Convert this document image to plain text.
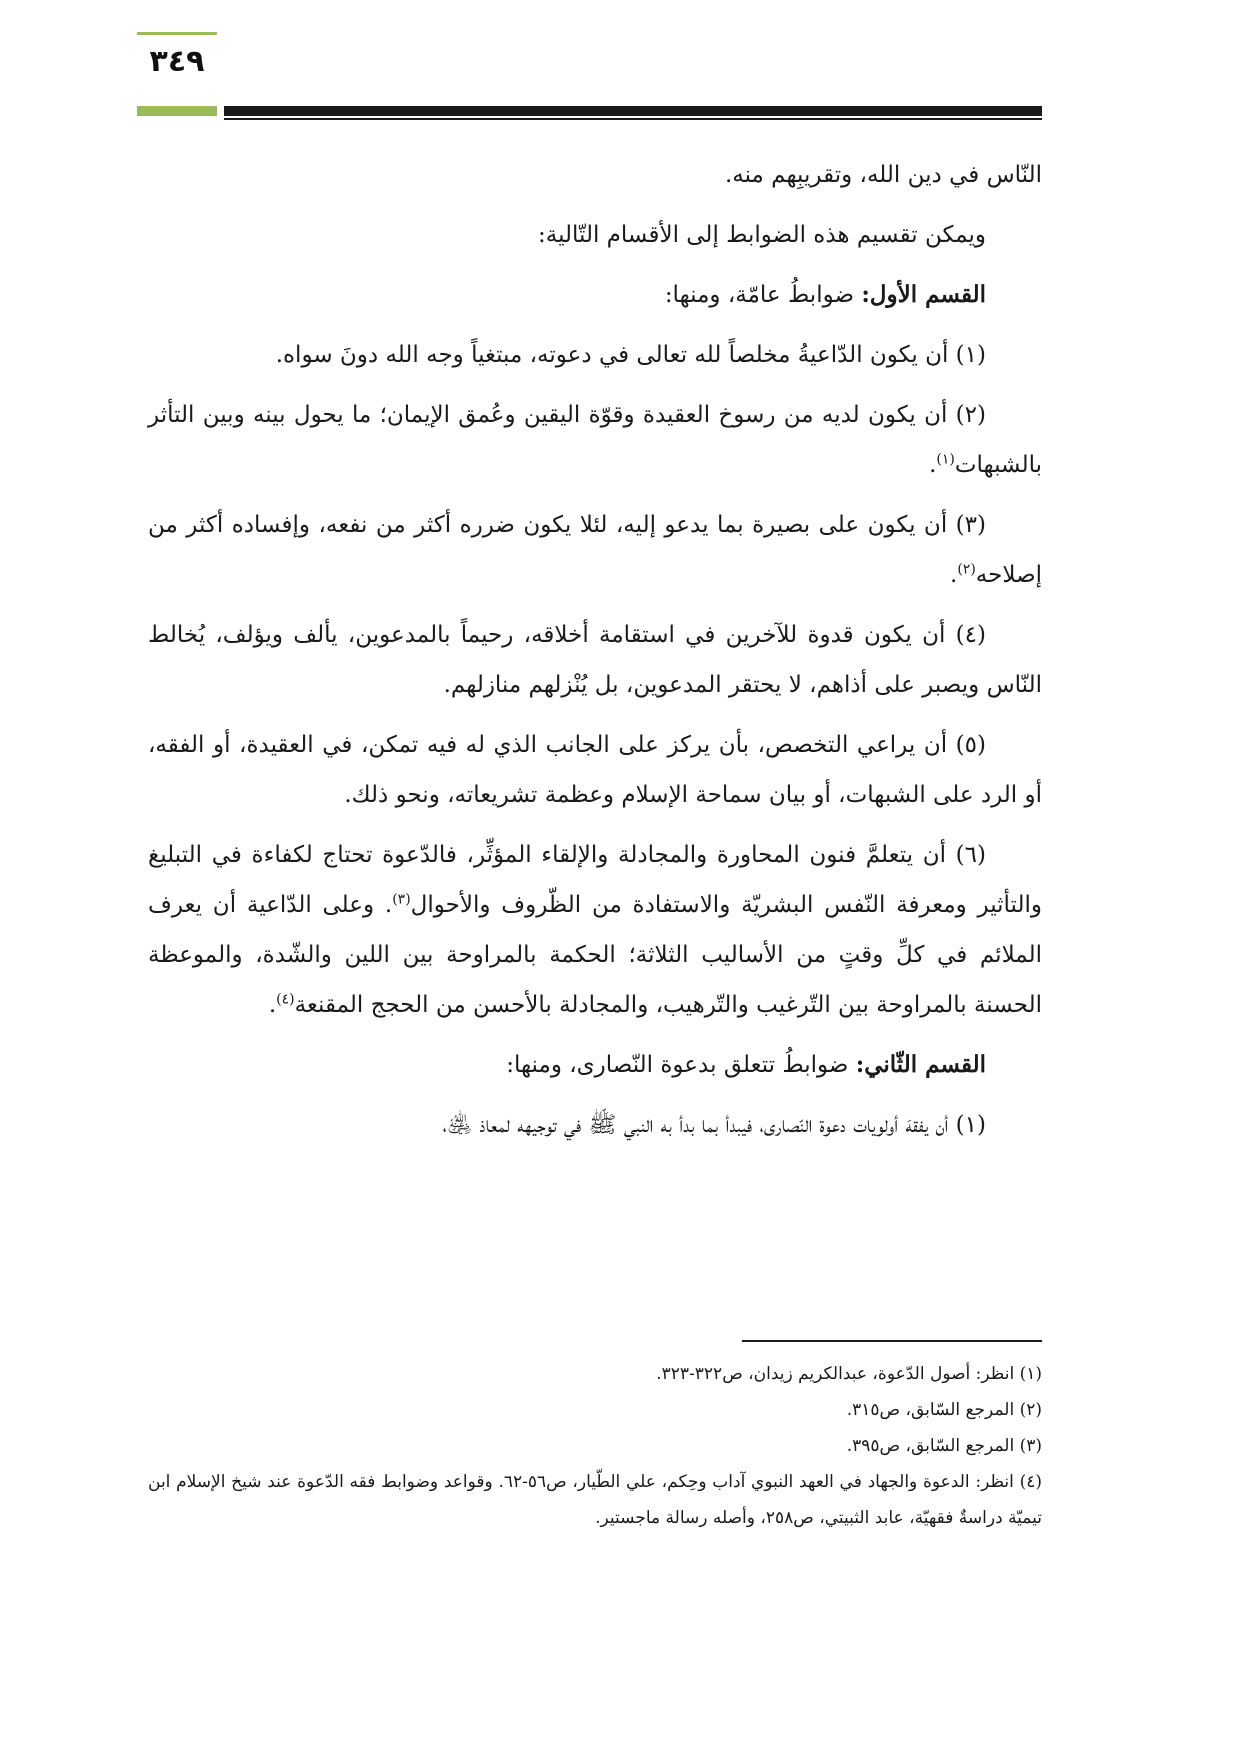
٣٤٩

النّاس في دين الله، وتقريبِهم منه.

ويمكن تقسيم هذه الضوابط إلى الأقسام التّالية:

القسم الأول: ضوابطُ عامّة، ومنها:

(١) أن يكون الدّاعيةُ مخلصاً لله تعالى في دعوته، مبتغياً وجه الله دونَ سواه.

(٢) أن يكون لديه من رسوخ العقيدة وقوّة اليقين وعُمق الإيمان؛ ما يحول بينه وبين التأثر بالشبهات$^{(١)}$.

(٣) أن يكون على بصيرة بما يدعو إليه، لئلا يكون ضرره أكثر من نفعه، وإفساده أكثر من إصلاحه$^{(٢)}$.

(٤) أن يكون قدوة للآخرين في استقامة أخلاقه، رحيماً بالمدعوين، يألف ويؤلف، يُخالط النّاس ويصبر على أذاهم، لا يحتقر المدعوين، بل يُنْزلهم منازلهم.

(٥) أن يراعي التخصص، بأن يركز على الجانب الذي له فيه تمكن، في العقيدة، أو الفقه، أو الرد على الشبهات، أو بيان سماحة الإسلام وعظمة تشريعاته، ونحو ذلك.

(٦) أن يتعلمَّ فنون المحاورة والمجادلة والإلقاء المؤثِّر، فالدّعوة تحتاج لكفاءة في التبليغ والتأثير ومعرفة النّفس البشريّة والاستفادة من الظّروف والأحوال$^{(٣)}$. وعلى الدّاعية أن يعرف الملائم في كلِّ وقتٍ من الأساليب الثلاثة؛ الحكمة بالمراوحة بين اللين والشّدة، والموعظة الحسنة بالمراوحة بين التّرغيب والتّرهيب، والمجادلة بالأحسن من الحجج المقنعة$^{(٤)}$.

القسم الثّاني: ضوابطُ تتعلق بدعوة النّصارى، ومنها:

(١) أن يفقهَ أولويات دعوة النّصارى، فيبدأ بما بدأ به النبي ﷺ في توجيهه لمعاذ ﵁،

(١) انظر: أصول الدّعوة، عبدالكريم زيدان، ص٣٢٢-٣٢٣.

(٢) المرجع السّابق، ص٣١٥.

(٣) المرجع السّابق، ص٣٩٥.

(٤) انظر: الدعوة والجهاد في العهد النبوي آداب وحِكم، علي الطّيار، ص٥٦-٦٢. وقواعد وضوابط فقه الدّعوة عند شيخ الإسلام ابن تيميّة دراسةٌ فقهيّة، عابد الثبيتي، ص٢٥٨، وأصله رسالة ماجستير.
